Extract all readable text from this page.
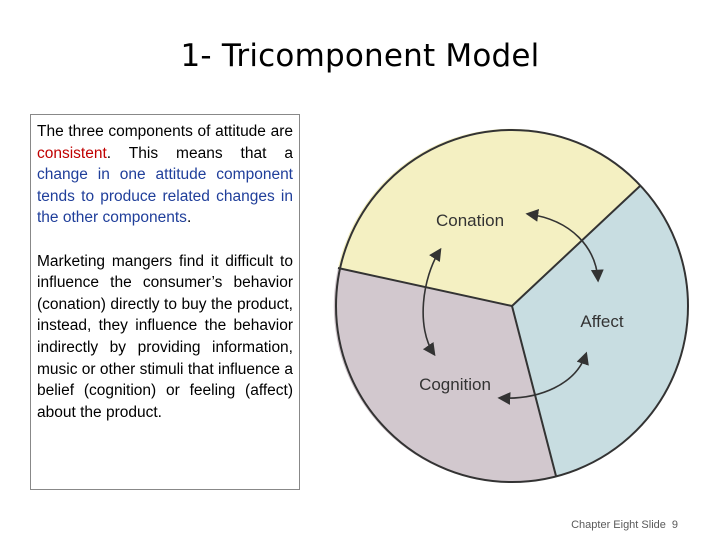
1- Tricomponent Model

The three components of attitude are consistent. This means that a change in one attitude component tends to produce related changes in the other components.

Marketing mangers find it difficult to influence the consumer’s behavior (conation) directly to buy the product, instead, they influence the behavior indirectly by providing information, music or other stimuli that influence a belief (cognition) or feeling (affect) about the product.

Conation
Affect
Cognition
Chapter Eight Slide 9
